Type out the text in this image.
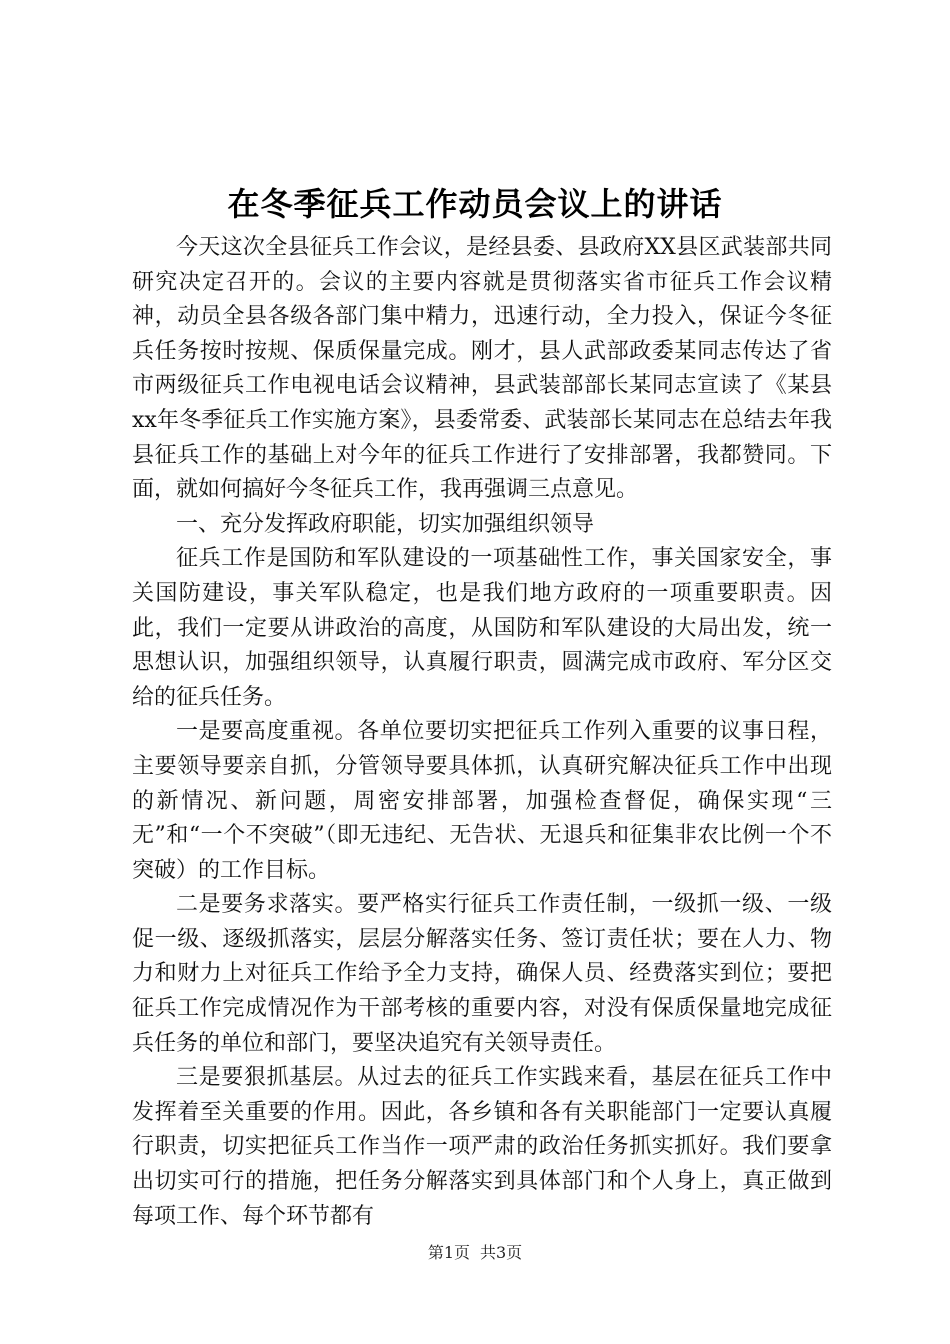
在冬季征兵工作动员会议上的讲话

今天这次全县征兵工作会议，是经县委、县政府XX县区武装部共同研究决定召开的。会议的主要内容就是贯彻落实省市征兵工作会议精神，动员全县各级各部门集中精力，迅速行动，全力投入，保证今冬征兵任务按时按规、保质保量完成。刚才，县人武部政委某同志传达了省市两级征兵工作电视电话会议精神，县武装部部长某同志宣读了《某县xx年冬季征兵工作实施方案》，县委常委、武装部长某同志在总结去年我县征兵工作的基础上对今年的征兵工作进行了安排部署，我都赞同。下面，就如何搞好今冬征兵工作，我再强调三点意见。

一、充分发挥政府职能，切实加强组织领导

征兵工作是国防和军队建设的一项基础性工作，事关国家安全，事关国防建设，事关军队稳定，也是我们地方政府的一项重要职责。因此，我们一定要从讲政治的高度，从国防和军队建设的大局出发，统一思想认识，加强组织领导，认真履行职责，圆满完成市政府、军分区交给的征兵任务。

一是要高度重视。各单位要切实把征兵工作列入重要的议事日程，主要领导要亲自抓，分管领导要具体抓，认真研究解决征兵工作中出现的新情况、新问题，周密安排部署，加强检查督促，确保实现“三无”和“一个不突破”（即无违纪、无告状、无退兵和征集非农比例一个不突破）的工作目标。

二是要务求落实。要严格实行征兵工作责任制，一级抓一级、一级促一级、逐级抓落实，层层分解落实任务、签订责任状；要在人力、物力和财力上对征兵工作给予全力支持，确保人员、经费落实到位；要把征兵工作完成情况作为干部考核的重要内容，对没有保质保量地完成征兵任务的单位和部门，要坚决追究有关领导责任。

三是要狠抓基层。从过去的征兵工作实践来看，基层在征兵工作中发挥着至关重要的作用。因此，各乡镇和各有关职能部门一定要认真履行职责，切实把征兵工作当作一项严肃的政治任务抓实抓好。我们要拿出切实可行的措施，把任务分解落实到具体部门和个人身上，真正做到每项工作、每个环节都有

第1页 共3页
